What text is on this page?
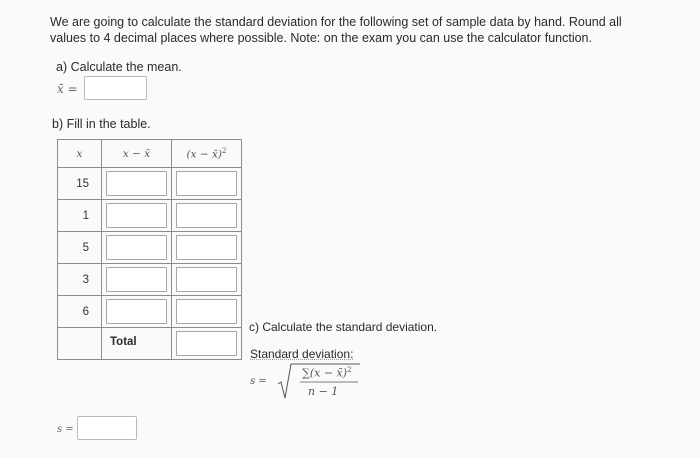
We are going to calculate the standard deviation for the following set of sample data by hand. Round all values to 4 decimal places where possible. Note: on the exam you can use the calculator function.
a) Calculate the mean.
x̄ =
b) Fill in the table.
x	x − x̄	(x − x̄)$^2$
15	

1	

5	

3	

6	

	Total	
c) Calculate the standard deviation.
Standard deviation:
s =
∑(x − x̄)$^2$
n − 1
s =
